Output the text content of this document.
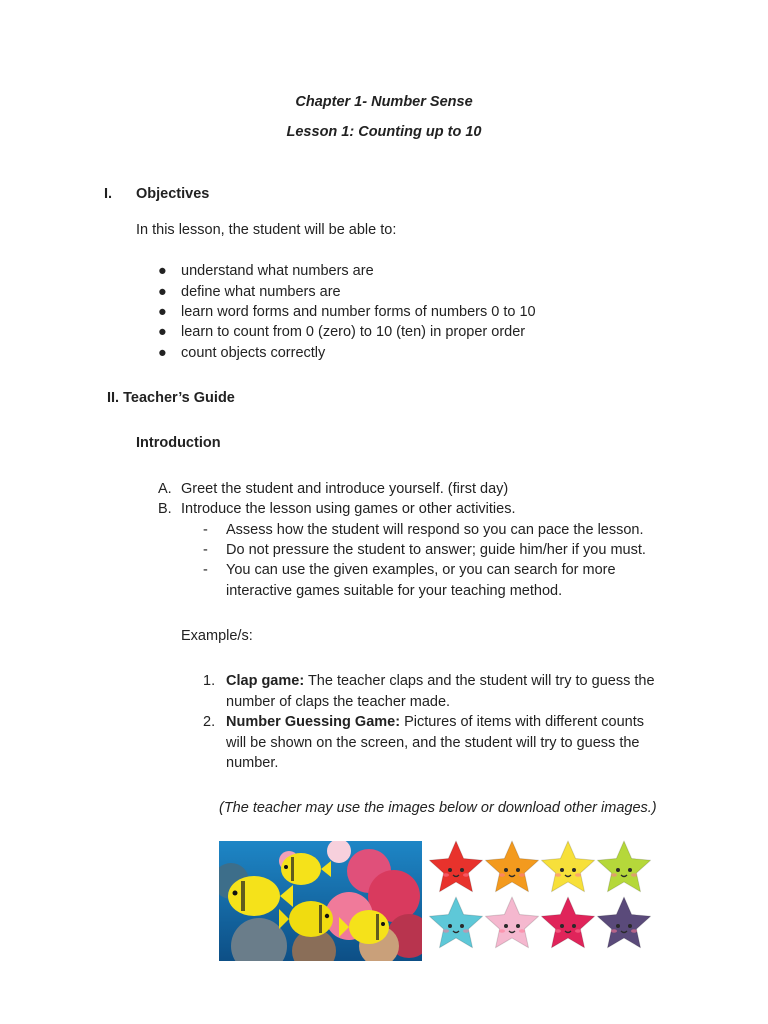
Chapter 1- Number Sense
Lesson 1: Counting up to 10
I. Objectives
In this lesson, the student will be able to:
● understand what numbers are
● define what numbers are
● learn word forms and number forms of numbers 0 to 10
● learn to count from 0 (zero) to 10 (ten) in proper order
● count objects correctly
II. Teacher’s Guide
Introduction
A. Greet the student and introduce yourself. (first day)
B. Introduce the lesson using games or other activities.
- Assess how the student will respond so you can pace the lesson.
- Do not pressure the student to answer; guide him/her if you must.
- You can use the given examples, or you can search for more
interactive games suitable for your teaching method.
Example/s:
1. Clap game: The teacher claps and the student will try to guess the
number of claps the teacher made.
2. Number Guessing Game: Pictures of items with different counts
will be shown on the screen, and the student will try to guess the
number.
(The teacher may use the images below or download other images.)
